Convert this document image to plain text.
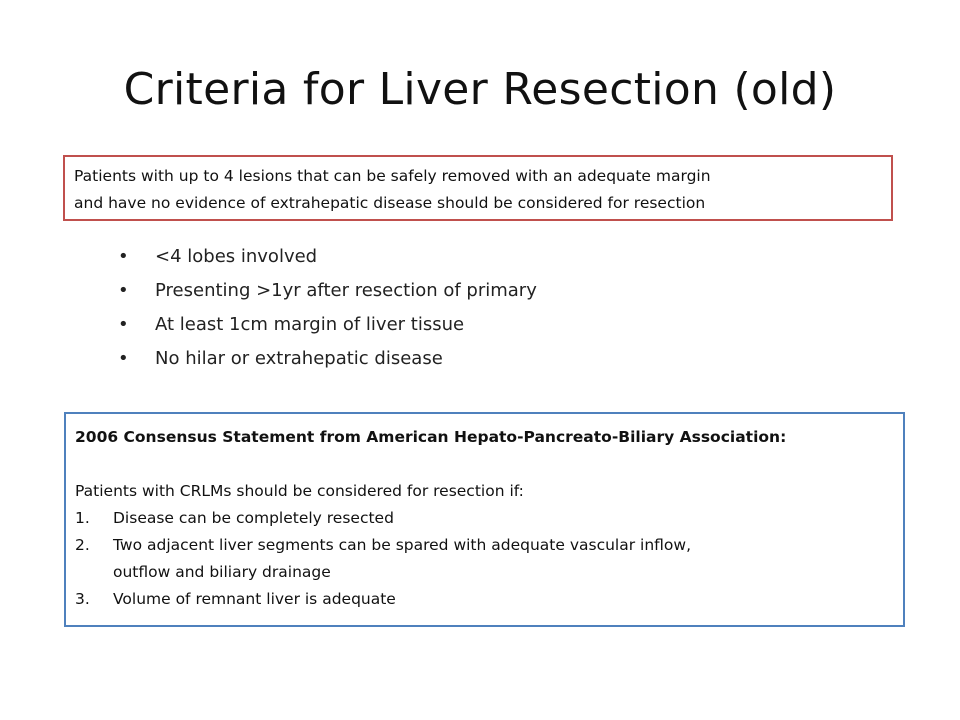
Criteria for Liver Resection (old)
Patients with up to 4 lesions that can be safely removed with an adequate margin
and have no evidence of extrahepatic disease should be considered for resection
• <4 lobes involved
• Presenting >1yr after resection of primary
• At least 1cm margin of liver tissue
• No hilar or extrahepatic disease
2006 Consensus Statement from American Hepato-Pancreato-Biliary Association:
Patients with CRLMs should be considered for resection if:
1. Disease can be completely resected
2. Two adjacent liver segments can be spared with adequate vascular inflow,
outflow and biliary drainage
3. Volume of remnant liver is adequate
